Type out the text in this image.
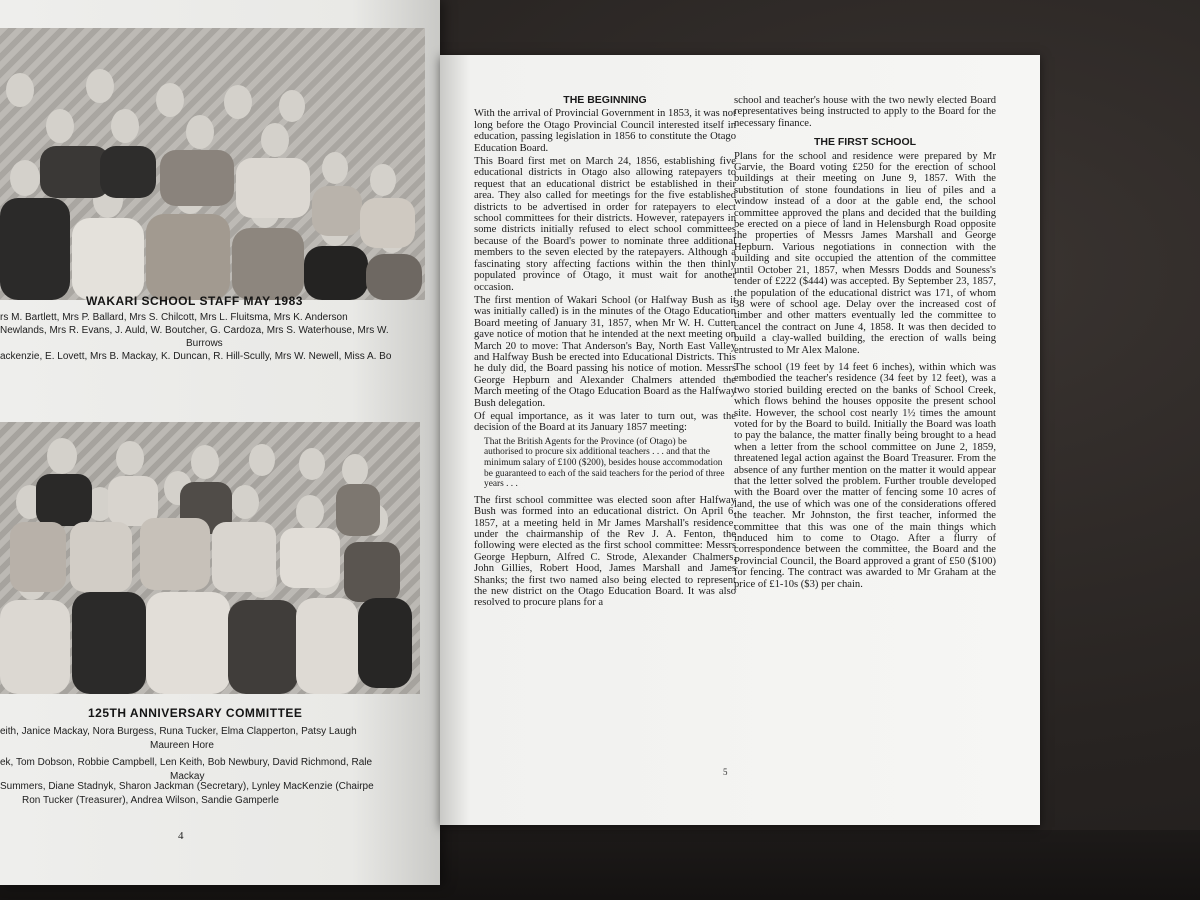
WAKARI SCHOOL STAFF MAY 1983
rs M. Bartlett, Mrs P. Ballard, Mrs S. Chilcott, Mrs L. Fluitsma, Mrs K. Anderson
Newlands, Mrs R. Evans, J. Auld, W. Boutcher, G. Cardoza, Mrs S. Waterhouse, Mrs W.
Burrows
ackenzie, E. Lovett, Mrs B. Mackay, K. Duncan, R. Hill-Scully, Mrs W. Newell, Miss A. Bo
125TH ANNIVERSARY COMMITTEE
eith, Janice Mackay, Nora Burgess, Runa Tucker, Elma Clapperton, Patsy Laugh
Maureen Hore
ek, Tom Dobson, Robbie Campbell, Len Keith, Bob Newbury, David Richmond, Rale
Mackay
Summers, Diane Stadnyk, Sharon Jackman (Secretary), Lynley MacKenzie (Chairpe
Ron Tucker (Treasurer), Andrea Wilson, Sandie Gamperle
4
THE BEGINNING

With the arrival of Provincial Government in 1853, it was not long before the Otago Provincial Council interested itself in education, passing legislation in 1856 to constitute the Otago Education Board.

This Board first met on March 24, 1856, establishing five educational districts in Otago also allowing ratepayers to request that an educational district be established in their area. They also called for meetings for the five established districts to be advertised in order for ratepayers to elect school committees for their districts. However, ratepayers in some districts initially refused to elect school committees because of the Board's power to nominate three additional members to the seven elected by the ratepayers. Although a fascinating story affecting factions within the then thinly populated province of Otago, it must wait for another occasion.

The first mention of Wakari School (or Halfway Bush as it was initially called) is in the minutes of the Otago Education Board meeting of January 31, 1857, when Mr W. H. Cutten gave notice of motion that he intended at the next meeting on March 20 to move: That Anderson's Bay, North East Valley and Halfway Bush be erected into Educational Districts. This he duly did, the Board passing his notice of motion. Messrs George Hepburn and Alexander Chalmers attended the March meeting of the Otago Education Board as the Halfway Bush delegation.

Of equal importance, as it was later to turn out, was the decision of the Board at its January 1857 meeting:

That the British Agents for the Province (of Otago) be authorised to procure six additional teachers . . . and that the minimum salary of £100 ($200), besides house accommodation be guaranteed to each of the said teachers for the period of three years . . .

The first school committee was elected soon after Halfway Bush was formed into an educational district. On April 6, 1857, at a meeting held in Mr James Marshall's residence, under the chairmanship of the Rev J. A. Fenton, the following were elected as the first school committee: Messrs George Hepburn, Alfred C. Strode, Alexander Chalmers, John Gillies, Robert Hood, James Marshall and James Shanks; the first two named also being elected to represent the new district on the Otago Education Board. It was also resolved to procure plans for a

school and teacher's house with the two newly elected Board representatives being instructed to apply to the Board for the necessary finance.

THE FIRST SCHOOL

Plans for the school and residence were prepared by Mr Garvie, the Board voting £250 for the erection of school buildings at their meeting on June 9, 1857. With the substitution of stone foundations in lieu of piles and a window instead of a door at the gable end, the school committee approved the plans and decided that the building be erected on a piece of land in Helensburgh Road opposite the properties of Messrs James Marshall and George Hepburn. Various negotiations in connection with the building and site occupied the attention of the committee until October 21, 1857, when Messrs Dodds and Souness's tender of £222 ($444) was accepted. By September 23, 1857, the population of the educational district was 171, of whom 38 were of school age. Delay over the increased cost of timber and other matters eventually led the committee to cancel the contract on June 4, 1858. It was then decided to build a clay-walled building, the erection of walls being entrusted to Mr Alex Malone.

The school (19 feet by 14 feet 6 inches), within which was embodied the teacher's residence (34 feet by 12 feet), was a two storied building erected on the banks of School Creek, which flows behind the houses opposite the present school site. However, the school cost nearly 1½ times the amount voted for by the Board to build. Initially the Board was loath to pay the balance, the matter finally being brought to a head when a letter from the school committee on June 2, 1859, threatened legal action against the Board Treasurer. From the absence of any further mention on the matter it would appear that the letter solved the problem. Further trouble developed with the Board over the matter of fencing some 10 acres of land, the use of which was one of the considerations offered the teacher. Mr Johnston, the first teacher, informed the committee that this was one of the main things which induced him to come to Otago. After a flurry of correspondence between the committee, the Board and the Provincial Council, the Board approved a grant of £50 ($100) for fencing. The contract was awarded to Mr Graham at the price of £1-10s ($3) per chain.

5
